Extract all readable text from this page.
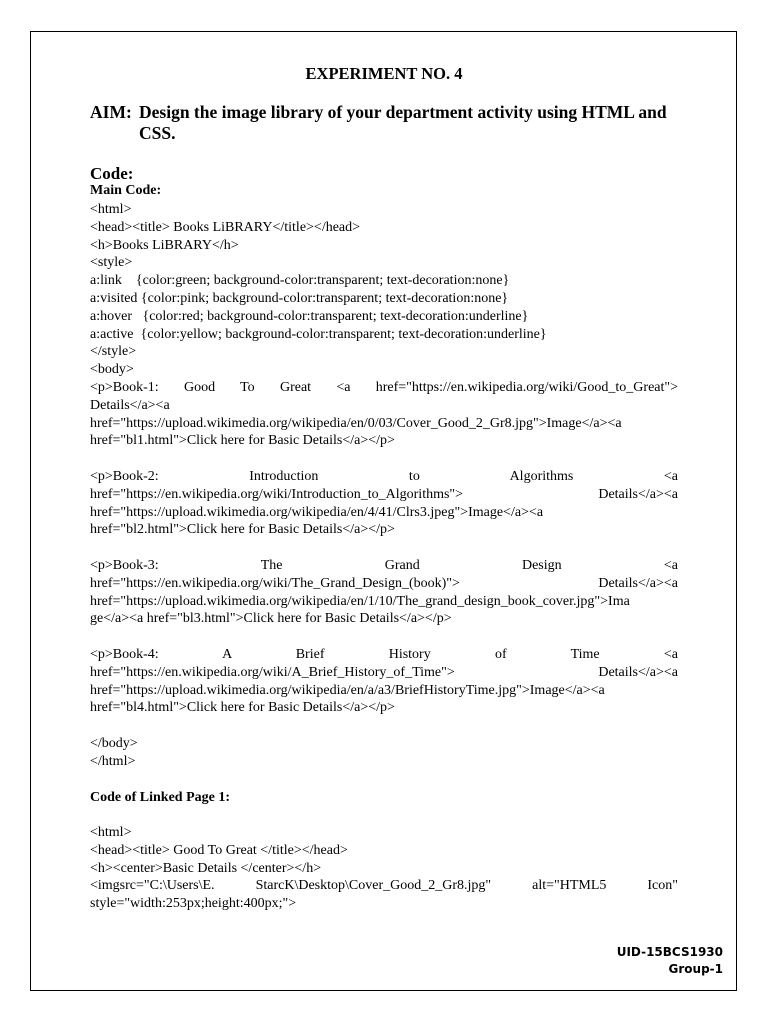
EXPERIMENT NO. 4
AIM: Design the image library of your department activity using HTML and CSS.
Code:
Main Code:
<html>
<head><title> Books LiBRARY</title></head>
<h>Books LiBRARY</h>
<style>
a:link    {color:green; background-color:transparent; text-decoration:none}
a:visited {color:pink; background-color:transparent; text-decoration:none}
a:hover   {color:red; background-color:transparent; text-decoration:underline}
a:active  {color:yellow; background-color:transparent; text-decoration:underline}
</style>
<body>
<p>Book-1: Good To Great <a href="https://en.wikipedia.org/wiki/Good_to_Great">
Details</a><a
href="https://upload.wikimedia.org/wikipedia/en/0/03/Cover_Good_2_Gr8.jpg">Image</a><a
href="bl1.html">Click here for Basic Details</a></p>
<p>Book-2: Introduction to Algorithms <a
href="https://en.wikipedia.org/wiki/Introduction_to_Algorithms"> Details</a><a
href="https://upload.wikimedia.org/wikipedia/en/4/41/Clrs3.jpeg">Image</a><a
href="bl2.html">Click here for Basic Details</a></p>
<p>Book-3: The Grand Design <a
href="https://en.wikipedia.org/wiki/The_Grand_Design_(book)"> Details</a><a
href="https://upload.wikimedia.org/wikipedia/en/1/10/The_grand_design_book_cover.jpg">Ima
ge</a><a href="bl3.html">Click here for Basic Details</a></p>
<p>Book-4: A Brief History of Time <a
href="https://en.wikipedia.org/wiki/A_Brief_History_of_Time"> Details</a><a
href="https://upload.wikimedia.org/wikipedia/en/a/a3/BriefHistoryTime.jpg">Image</a><a
href="bl4.html">Click here for Basic Details</a></p>
</body>
</html>
Code of Linked Page 1:
<html>
<head><title> Good To Great </title></head>
<h><center>Basic Details </center></h>
<imgsrc="C:\Users\E. StarcK\Desktop\Cover_Good_2_Gr8.jpg" alt="HTML5 Icon"
style="width:253px;height:400px;">
UID-15BCS1930
Group-1
